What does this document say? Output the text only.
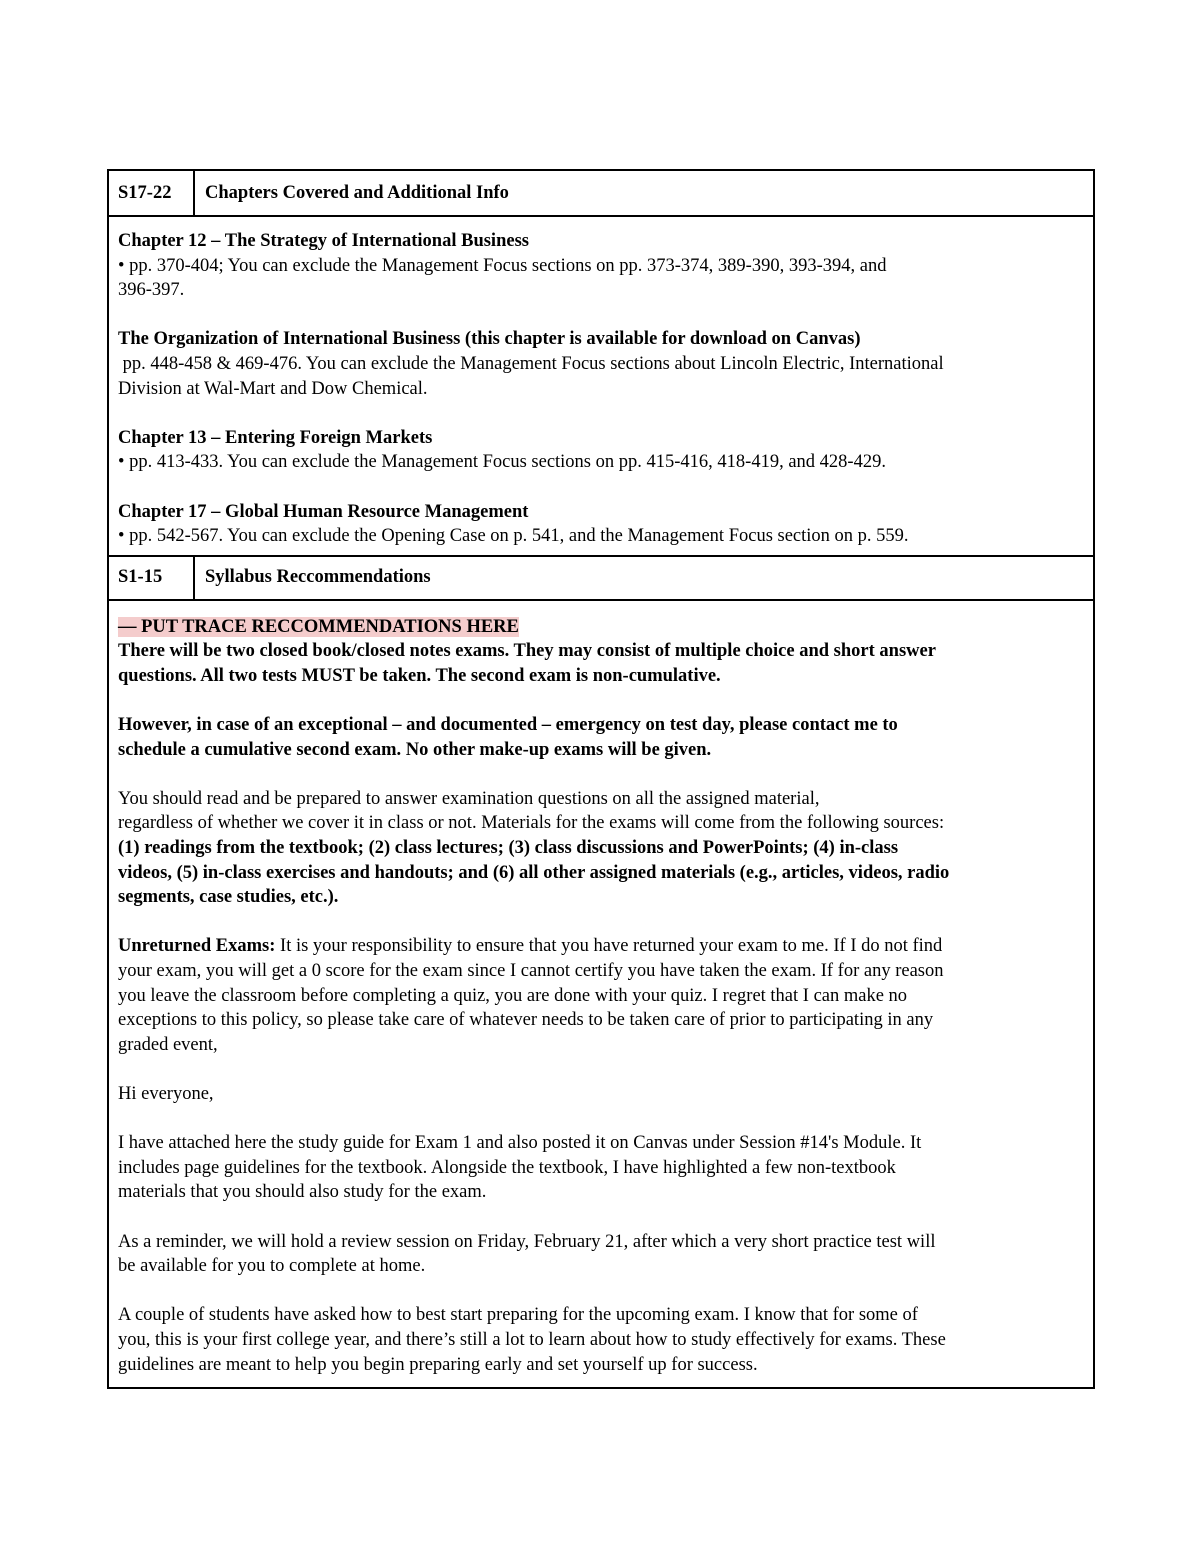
S17-22	Chapters Covered and Additional Info

Chapter 12 – The Strategy of International Business

• pp. 370-404; You can exclude the Management Focus sections on pp. 373-374, 389-390, 393-394, and

396-397.

The Organization of International Business (this chapter is available for download on Canvas)

pp. 448-458 & 469-476. You can exclude the Management Focus sections about Lincoln Electric, International

Division at Wal-Mart and Dow Chemical.

Chapter 13 – Entering Foreign Markets

• pp. 413-433. You can exclude the Management Focus sections on pp. 415-416, 418-419, and 428-429.

Chapter 17 – Global Human Resource Management

• pp. 542-567. You can exclude the Opening Case on p. 541, and the Management Focus section on p. 559.

S1-15	Syllabus Reccommendations

— PUT TRACE RECCOMMENDATIONS HERE

There will be two closed book/closed notes exams. They may consist of multiple choice and short answer

questions. All two tests MUST be taken. The second exam is non-cumulative.

However, in case of an exceptional – and documented – emergency on test day, please contact me to

schedule a cumulative second exam. No other make-up exams will be given.

You should read and be prepared to answer examination questions on all the assigned material,

regardless of whether we cover it in class or not. Materials for the exams will come from the following sources:

(1) readings from the textbook; (2) class lectures; (3) class discussions and PowerPoints; (4) in-class

videos, (5) in-class exercises and handouts; and (6) all other assigned materials (e.g., articles, videos, radio

segments, case studies, etc.).

Unreturned Exams: It is your responsibility to ensure that you have returned your exam to me. If I do not find

your exam, you will get a 0 score for the exam since I cannot certify you have taken the exam. If for any reason

you leave the classroom before completing a quiz, you are done with your quiz. I regret that I can make no

exceptions to this policy, so please take care of whatever needs to be taken care of prior to participating in any

graded event,

Hi everyone,

I have attached here the study guide for Exam 1 and also posted it on Canvas under Session #14's Module. It

includes page guidelines for the textbook. Alongside the textbook, I have highlighted a few non-textbook

materials that you should also study for the exam.

As a reminder, we will hold a review session on Friday, February 21, after which a very short practice test will

be available for you to complete at home.

A couple of students have asked how to best start preparing for the upcoming exam. I know that for some of

you, this is your first college year, and there’s still a lot to learn about how to study effectively for exams. These

guidelines are meant to help you begin preparing early and set yourself up for success.
